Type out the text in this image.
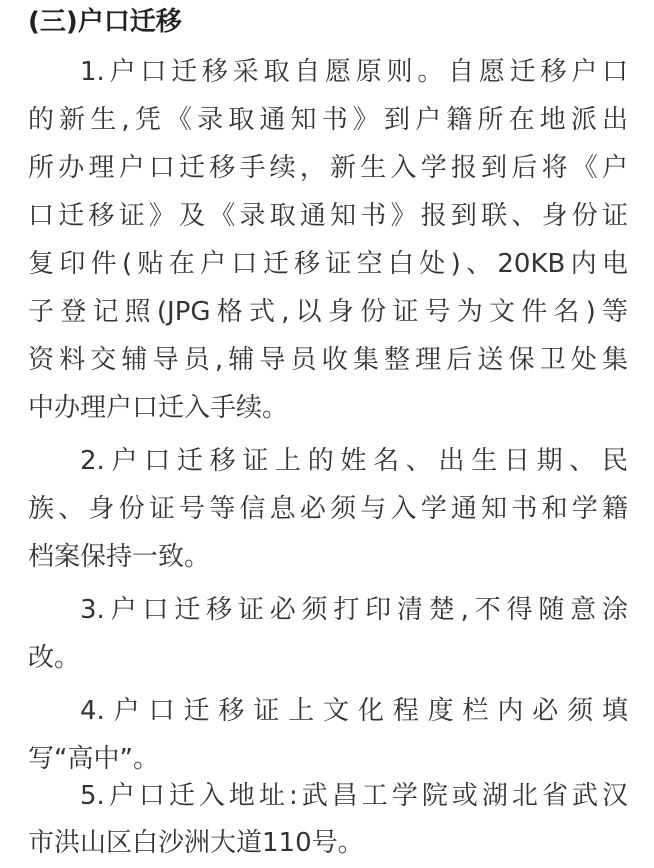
(三)户口迁移
1.户口迁移采取自愿原则。自愿迁移户口
的新生,凭《录取通知书》到户籍所在地派出
所办理户口迁移手续，新生入学报到后将《户
口迁移证》及《录取通知书》报到联、身份证
复印件(贴在户口迁移证空白处)、20KB内电
子登记照(JPG格式,以身份证号为文件名)等
资料交辅导员,辅导员收集整理后送保卫处集
中办理户口迁入手续。
2.户口迁移证上的姓名、出生日期、民
族、身份证号等信息必须与入学通知书和学籍
档案保持一致。
3.户口迁移证必须打印清楚,不得随意涂
改。
4.户口迁移证上文化程度栏内必须填
写“高中”。
5.户口迁入地址:武昌工学院或湖北省武汉
市洪山区白沙洲大道110号。
